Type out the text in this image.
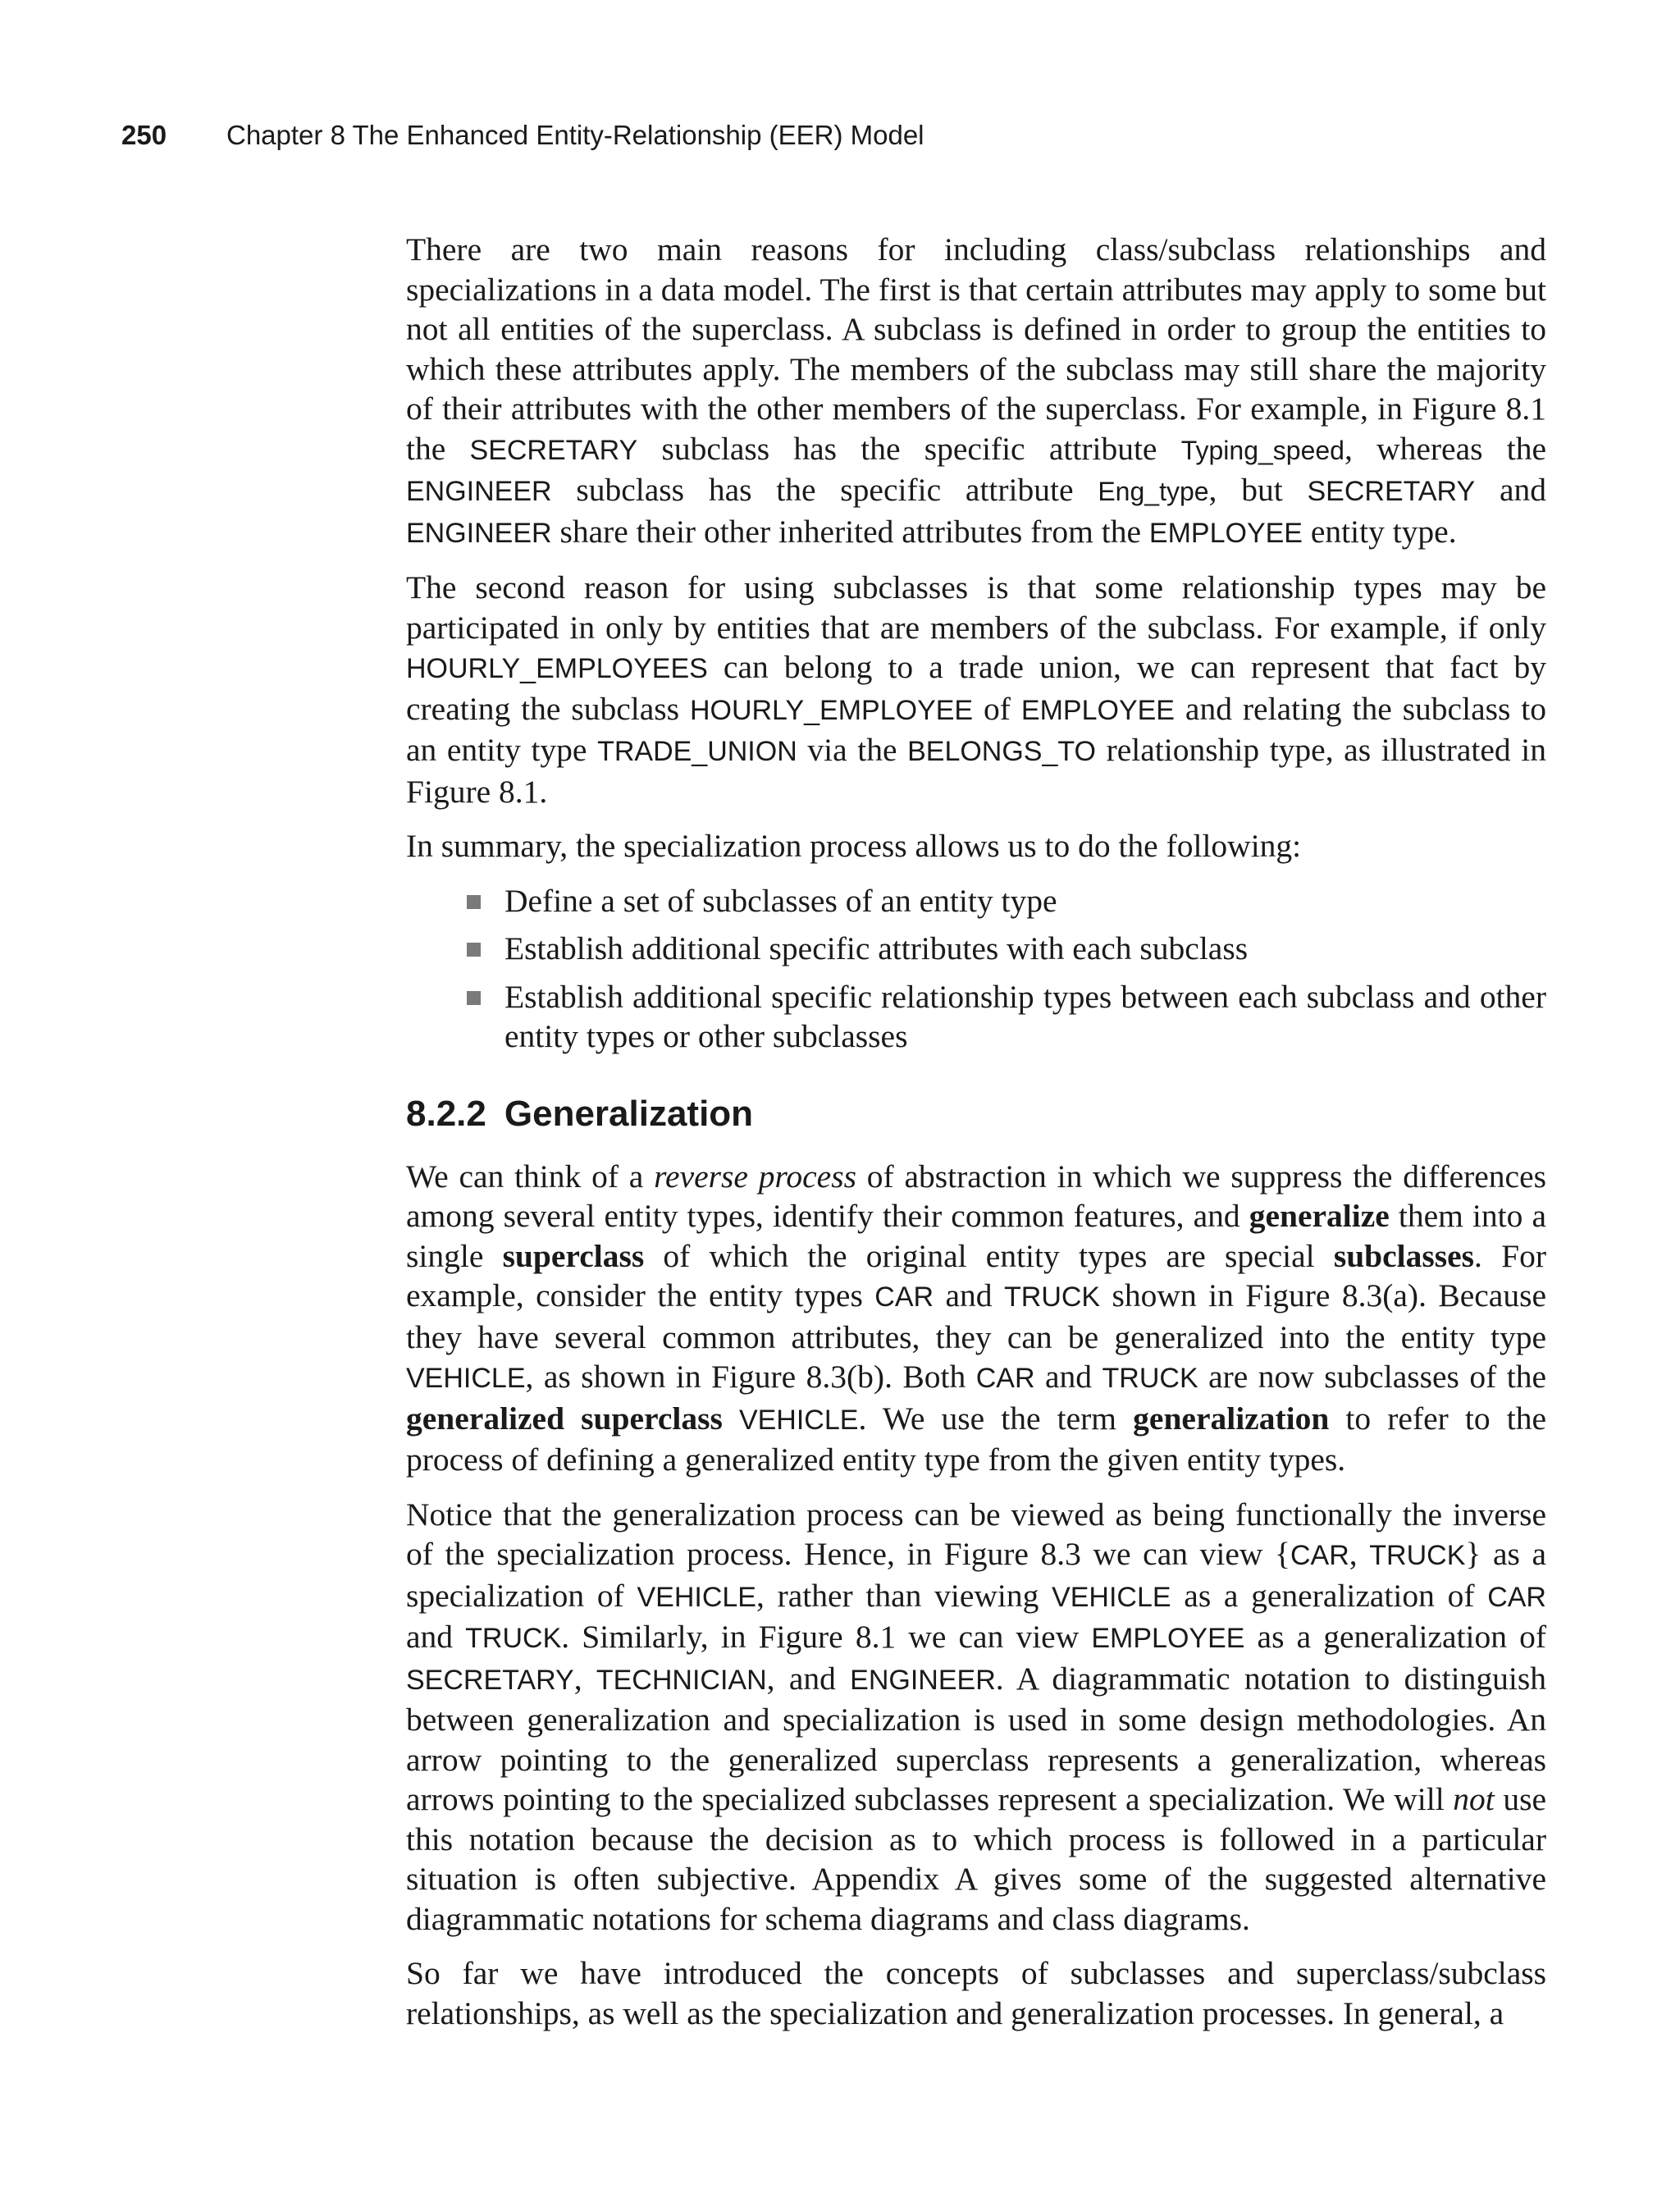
250 Chapter 8 The Enhanced Entity-Relationship (EER) Model

There are two main reasons for including class/subclass relationships and specializations in a data model. The first is that certain attributes may apply to some but not all entities of the superclass. A subclass is defined in order to group the entities to which these attributes apply. The members of the subclass may still share the majority of their attributes with the other members of the superclass. For example, in Figure 8.1 the SECRETARY subclass has the specific attribute Typing_speed, whereas the ENGINEER subclass has the specific attribute Eng_type, but SECRETARY and ENGINEER share their other inherited attributes from the EMPLOYEE entity type.

The second reason for using subclasses is that some relationship types may be participated in only by entities that are members of the subclass. For example, if only HOURLY_EMPLOYEES can belong to a trade union, we can represent that fact by creating the subclass HOURLY_EMPLOYEE of EMPLOYEE and relating the subclass to an entity type TRADE_UNION via the BELONGS_TO relationship type, as illustrated in Figure 8.1.

In summary, the specialization process allows us to do the following:

Define a set of subclasses of an entity type
Establish additional specific attributes with each subclass
Establish additional specific relationship types between each subclass and other entity types or other subclasses
8.2.2 Generalization

We can think of a reverse process of abstraction in which we suppress the differences among several entity types, identify their common features, and generalize them into a single superclass of which the original entity types are special subclasses. For example, consider the entity types CAR and TRUCK shown in Figure 8.3(a). Because they have several common attributes, they can be generalized into the entity type VEHICLE, as shown in Figure 8.3(b). Both CAR and TRUCK are now subclasses of the generalized superclass VEHICLE. We use the term generalization to refer to the process of defining a generalized entity type from the given entity types.

Notice that the generalization process can be viewed as being functionally the inverse of the specialization process. Hence, in Figure 8.3 we can view {CAR, TRUCK} as a specialization of VEHICLE, rather than viewing VEHICLE as a generalization of CAR and TRUCK. Similarly, in Figure 8.1 we can view EMPLOYEE as a generalization of SECRETARY, TECHNICIAN, and ENGINEER. A diagrammatic notation to distinguish between generalization and specialization is used in some design methodologies. An arrow pointing to the generalized superclass represents a generalization, whereas arrows pointing to the specialized subclasses represent a specialization. We will not use this notation because the decision as to which process is followed in a particular situation is often subjective. Appendix A gives some of the suggested alternative diagrammatic notations for schema diagrams and class diagrams.

So far we have introduced the concepts of subclasses and superclass/subclass relationships, as well as the specialization and generalization processes. In general, a
